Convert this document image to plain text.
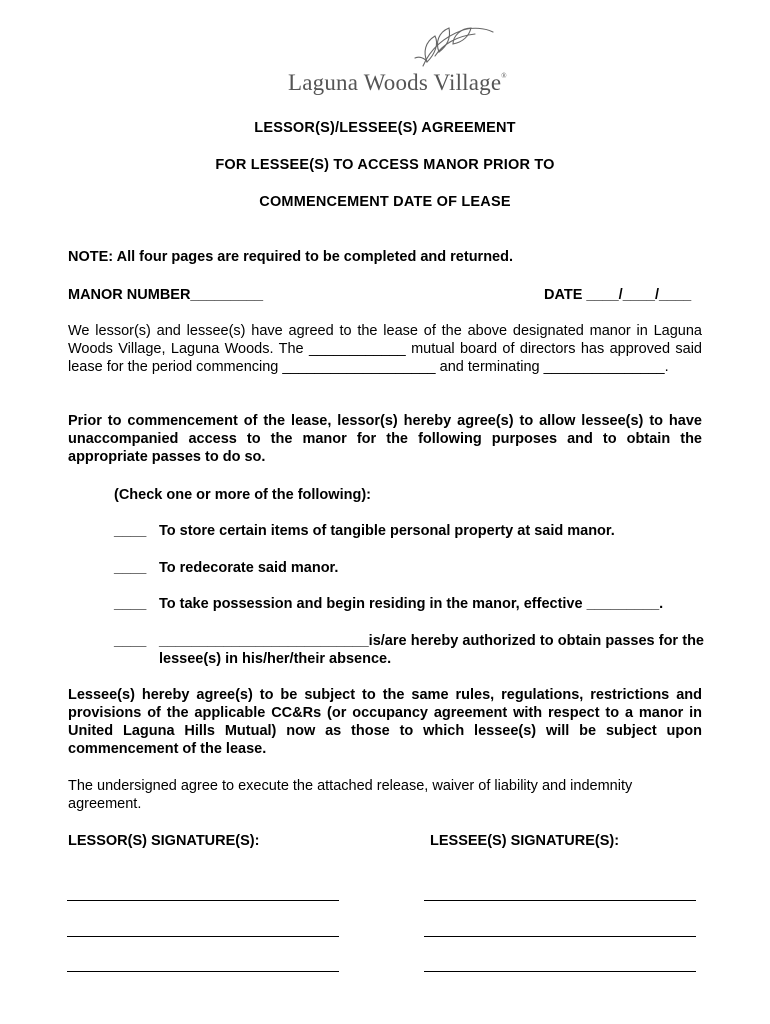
Laguna Woods Village®
LESSOR(S)/LESSEE(S) AGREEMENT
FOR LESSEE(S) TO ACCESS MANOR PRIOR TO
COMMENCEMENT DATE OF LEASE
NOTE: All four pages are required to be completed and returned.
MANOR NUMBER_________	DATE ____/____/____
We lessor(s) and lessee(s) have agreed to the lease of the above designated manor in Laguna Woods Village, Laguna Woods. The ____________ mutual board of directors has approved said lease for the period commencing ___________________ and terminating _______________.
Prior to commencement of the lease, lessor(s) hereby agree(s) to allow lessee(s) to have unaccompanied access to the manor for the following purposes and to obtain the appropriate passes to do so.
(Check one or more of the following):
____ To store certain items of tangible personal property at said manor.
____ To redecorate said manor.
____ To take possession and begin residing in the manor, effective _________.
____ __________________________is/are hereby authorized to obtain passes for the lessee(s) in his/her/their absence.
Lessee(s) hereby agree(s) to be subject to the same rules, regulations, restrictions and provisions of the applicable CC&Rs (or occupancy agreement with respect to a manor in United Laguna Hills Mutual) now as those to which lessee(s) will be subject upon commencement of the lease.
The undersigned agree to execute the attached release, waiver of liability and indemnity agreement.
LESSOR(S) SIGNATURE(S):	LESSEE(S) SIGNATURE(S):
